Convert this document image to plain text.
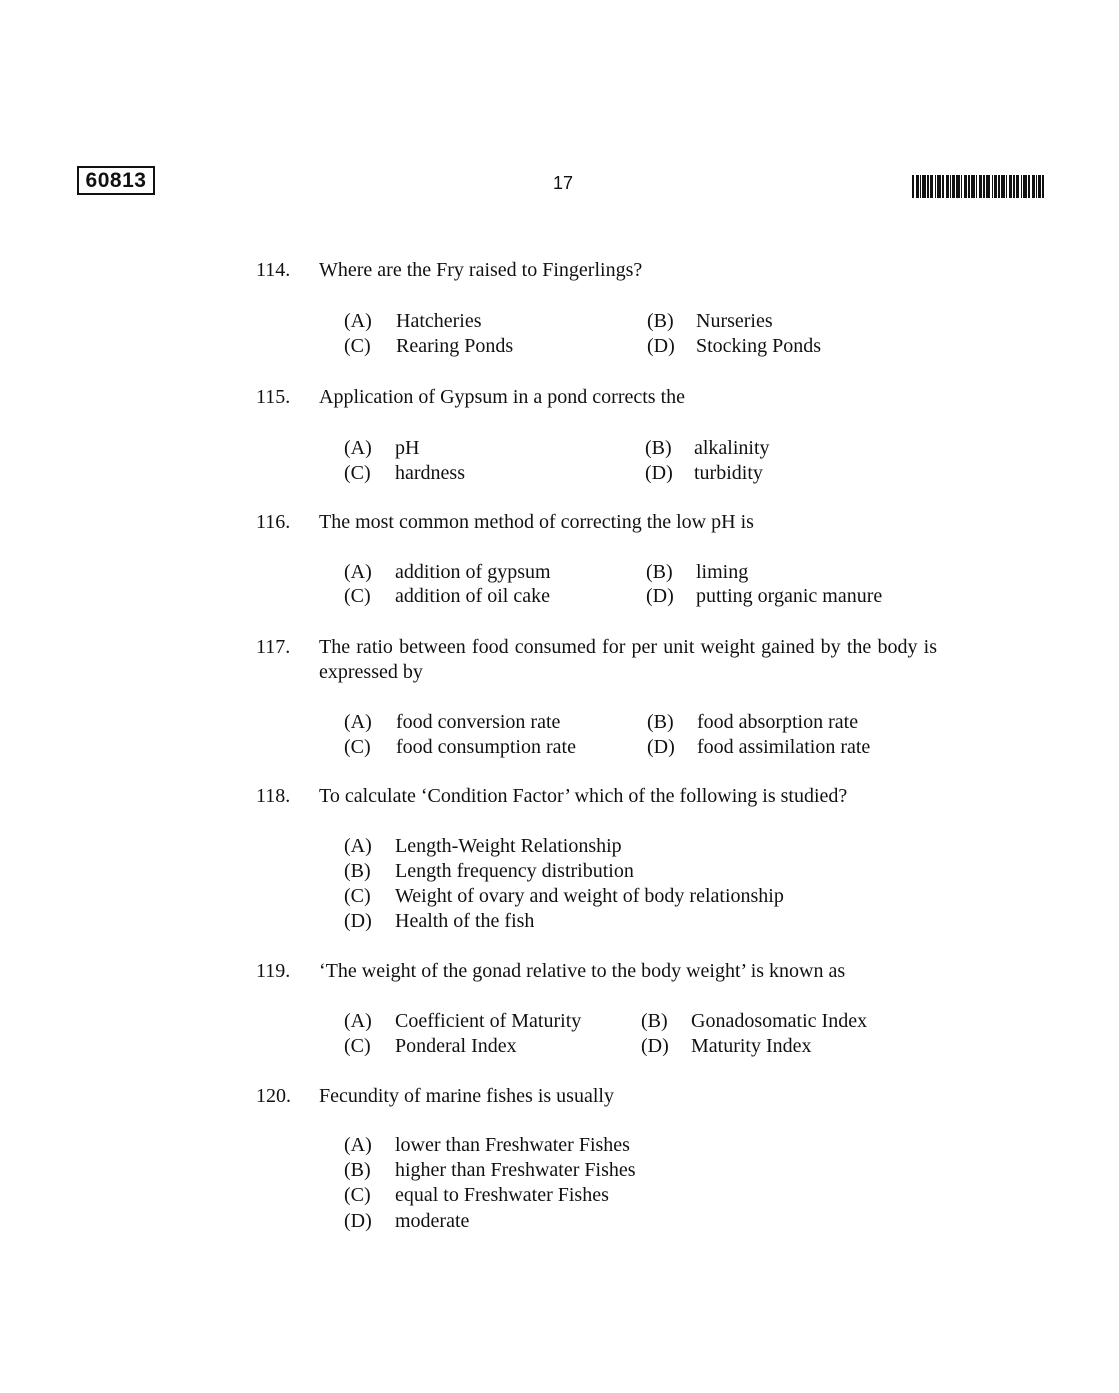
60813	17
114. Where are the Fry raised to Fingerlings?
(A) Hatcheries	(B) Nurseries
(C) Rearing Ponds	(D) Stocking Ponds
115. Application of Gypsum in a pond corrects the
(A) pH	(B) alkalinity
(C) hardness	(D) turbidity
116. The most common method of correcting the low pH is
(A) addition of gypsum	(B) liming
(C) addition of oil cake	(D) putting organic manure
117. The ratio between food consumed for per unit weight gained by the body is expressed by
(A) food conversion rate	(B) food absorption rate
(C) food consumption rate	(D) food assimilation rate
118. To calculate ‘Condition Factor’ which of the following is studied?
(A) Length-Weight Relationship
(B) Length frequency distribution
(C) Weight of ovary and weight of body relationship
(D) Health of the fish
119. ‘The weight of the gonad relative to the body weight’ is known as
(A) Coefficient of Maturity	(B) Gonadosomatic Index
(C) Ponderal Index	(D) Maturity Index
120. Fecundity of marine fishes is usually
(A) lower than Freshwater Fishes
(B) higher than Freshwater Fishes
(C) equal to Freshwater Fishes
(D) moderate
